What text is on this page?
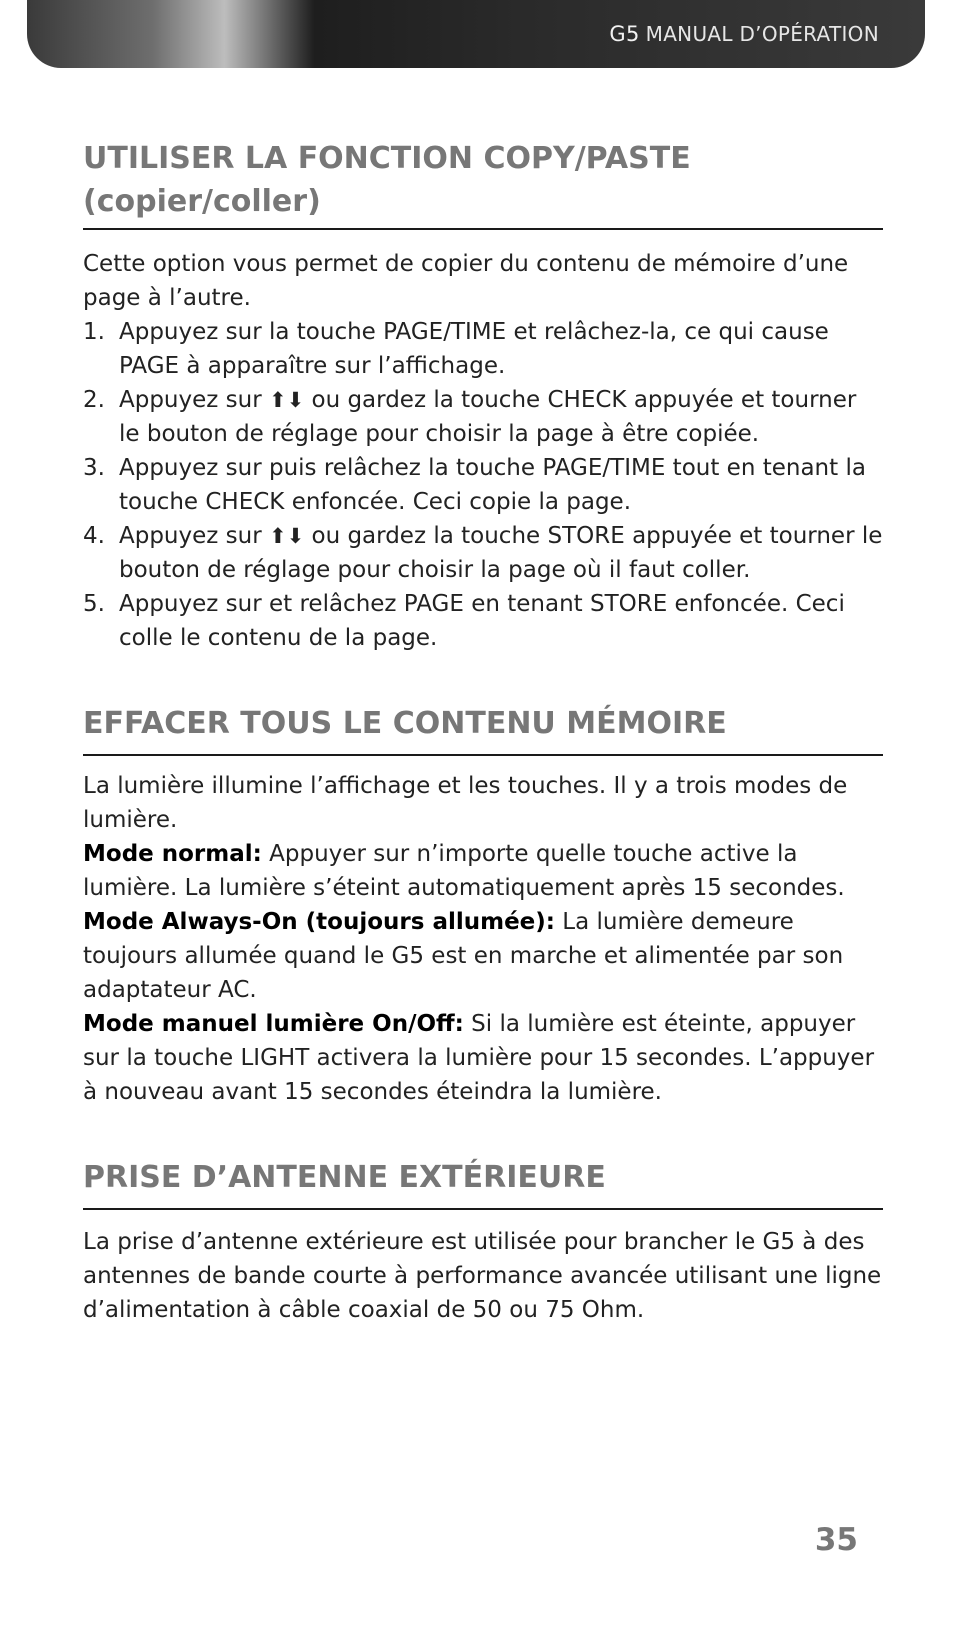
G5 MANUAL D’OPÉRATION
UTILISER LA FONCTION COPY/PASTE
(copier/coller)

Cette option vous permet de copier du contenu de mémoire d’une page à l’autre.

1. Appuyez sur la touche PAGE/TIME et relâchez-la, ce qui cause PAGE à apparaître sur l’affichage.
2. Appuyez sur ⬆⬇ ou gardez la touche CHECK appuyée et tourner le bouton de réglage pour choisir la page à être copiée.
3. Appuyez sur puis relâchez la touche PAGE/TIME tout en tenant la touche CHECK enfoncée. Ceci copie la page.
4. Appuyez sur ⬆⬇ ou gardez la touche STORE appuyée et tourner le bouton de réglage pour choisir la page où il faut coller.
5. Appuyez sur et relâchez PAGE en tenant STORE enfoncée. Ceci colle le contenu de la page.
EFFACER TOUS LE CONTENU MÉMOIRE

La lumière illumine l’affichage et les touches. Il y a trois modes de lumière.

Mode normal: Appuyer sur n’importe quelle touche active la lumière. La lumière s’éteint automatiquement après 15 secondes.

Mode Always-On (toujours allumée): La lumière demeure toujours allumée quand le G5 est en marche et alimentée par son adaptateur AC.

Mode manuel lumière On/Off: Si la lumière est éteinte, appuyer sur la touche LIGHT activera la lumière pour 15 secondes. L’appuyer à nouveau avant 15 secondes éteindra la lumière.

PRISE D’ANTENNE EXTÉRIEURE

La prise d’antenne extérieure est utilisée pour brancher le G5 à des antennes de bande courte à performance avancée utilisant une ligne d’alimentation à câble coaxial de 50 ou 75 Ohm.

35
